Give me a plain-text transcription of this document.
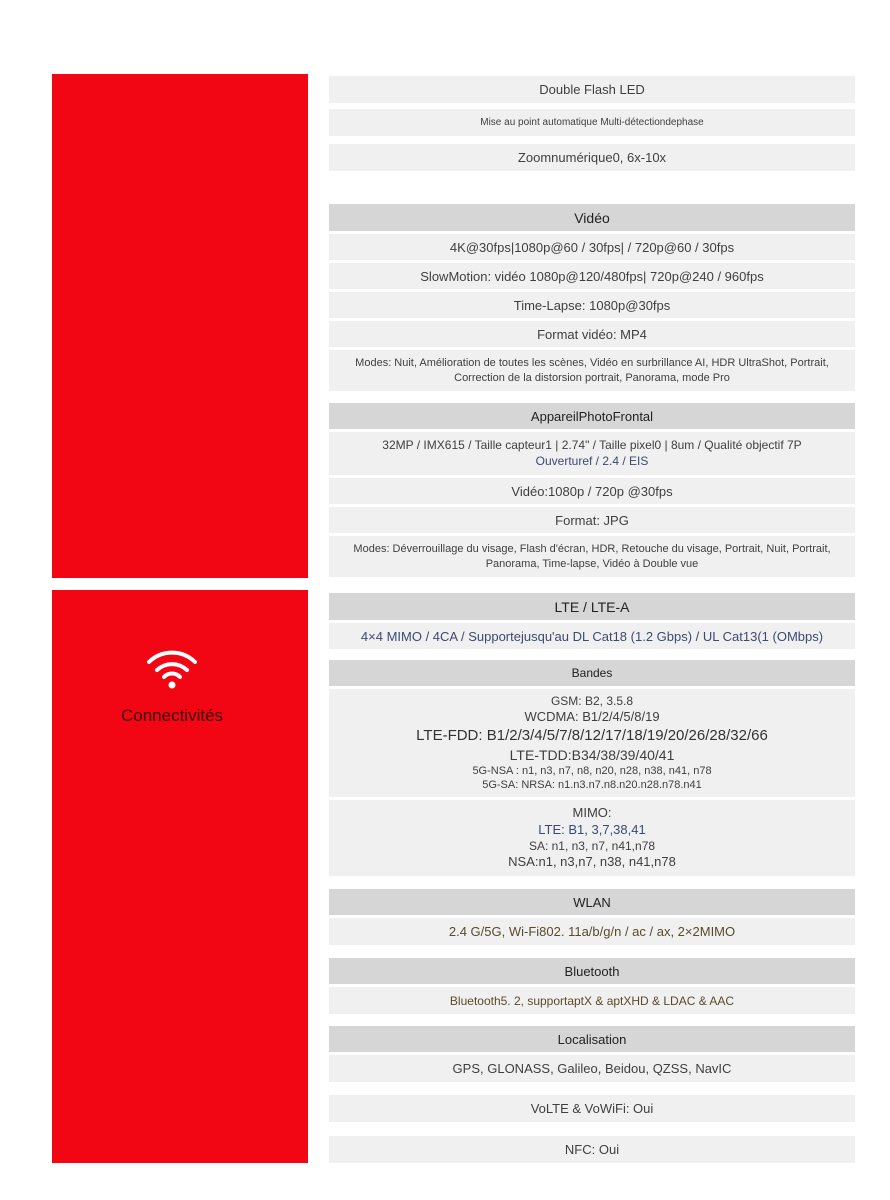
Connectivités
Double Flash LED
Mise au point automatique Multi-détectiondephase
Zoomnumérique0, 6x-10x
Vidéo
4K@30fps|1080p@60 / 30fps| / 720p@60 / 30fps
SlowMotion: vidéo 1080p@120/480fps| 720p@240 / 960fps
Time-Lapse: 1080p@30fps
Format vidéo: MP4
Modes: Nuit, Amélioration de toutes les scènes, Vidéo en surbrillance AI, HDR UltraShot, Portrait,
Correction de la distorsion portrait, Panorama, mode Pro
AppareilPhotoFrontal
32MP / IMX615 / Taille capteur1 | 2.74" / Taille pixel0 | 8um / Qualité objectif 7P
Ouverturef / 2.4 / EIS
Vidéo:1080p / 720p @30fps
Format: JPG
Modes: Déverrouillage du visage, Flash d'écran, HDR, Retouche du visage, Portrait, Nuit, Portrait,
Panorama, Time-lapse, Vidéo à Double vue
LTE / LTE-A
4×4 MIMO / 4CA / Supportejusqu'au DL Cat18 (1.2 Gbps) / UL Cat13(1 (OMbps)
Bandes
GSM: B2, 3.5.8
WCDMA: B1/2/4/5/8/19
LTE-FDD: B1/2/3/4/5/7/8/12/17/18/19/20/26/28/32/66
LTE-TDD:B34/38/39/40/41
5G-NSA : n1, n3, n7, n8, n20, n28, n38, n41, n78
5G-SA: NRSA: n1.n3.n7.n8.n20.n28.n78.n41
MIMO:
LTE: B1, 3,7,38,41
SA: n1, n3, n7, n41,n78
NSA:n1, n3,n7, n38, n41,n78
WLAN
2.4 G/5G, Wi-Fi802. 11a/b/g/n / ac / ax, 2×2MIMO
Bluetooth
Bluetooth5. 2, supportaptX & aptXHD & LDAC & AAC
Localisation
GPS, GLONASS, Galileo, Beidou, QZSS, NavIC
VoLTE & VoWiFi: Oui
NFC: Oui
